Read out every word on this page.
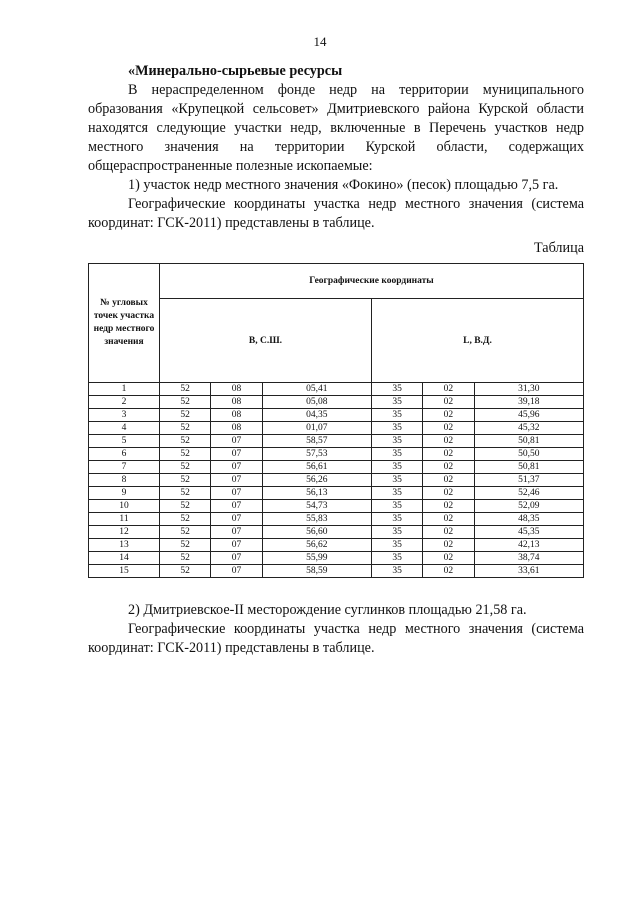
14

«Минерально-сырьевые ресурсы

В нераспределенном фонде недр на территории муниципального образования «Крупецкой сельсовет» Дмитриевского района Курской области находятся следующие участки недр, включенные в Перечень участков недр местного значения на территории Курской области, содержащих общераспространенные полезные ископаемые:

1) участок недр местного значения «Фокино» (песок) площадью 7,5 га.

Географические координаты участка недр местного значения (система координат: ГСК-2011) представлены в таблице.

Таблица

№ угловых точек участка недр местного значения	Географические координаты					
	B, С.Ш.			L, В.Д.		
1	52	08	05,41	35	02	31,30
2	52	08	05,08	35	02	39,18
3	52	08	04,35	35	02	45,96
4	52	08	01,07	35	02	45,32
5	52	07	58,57	35	02	50,81
6	52	07	57,53	35	02	50,50
7	52	07	56,61	35	02	50,81
8	52	07	56,26	35	02	51,37
9	52	07	56,13	35	02	52,46
10	52	07	54,73	35	02	52,09
11	52	07	55,83	35	02	48,35
12	52	07	56,60	35	02	45,35
13	52	07	56,62	35	02	42,13
14	52	07	55,99	35	02	38,74
15	52	07	58,59	35	02	33,61

2) Дмитриевское-II месторождение суглинков площадью 21,58 га.

Географические координаты участка недр местного значения (система координат: ГСК-2011) представлены в таблице.
